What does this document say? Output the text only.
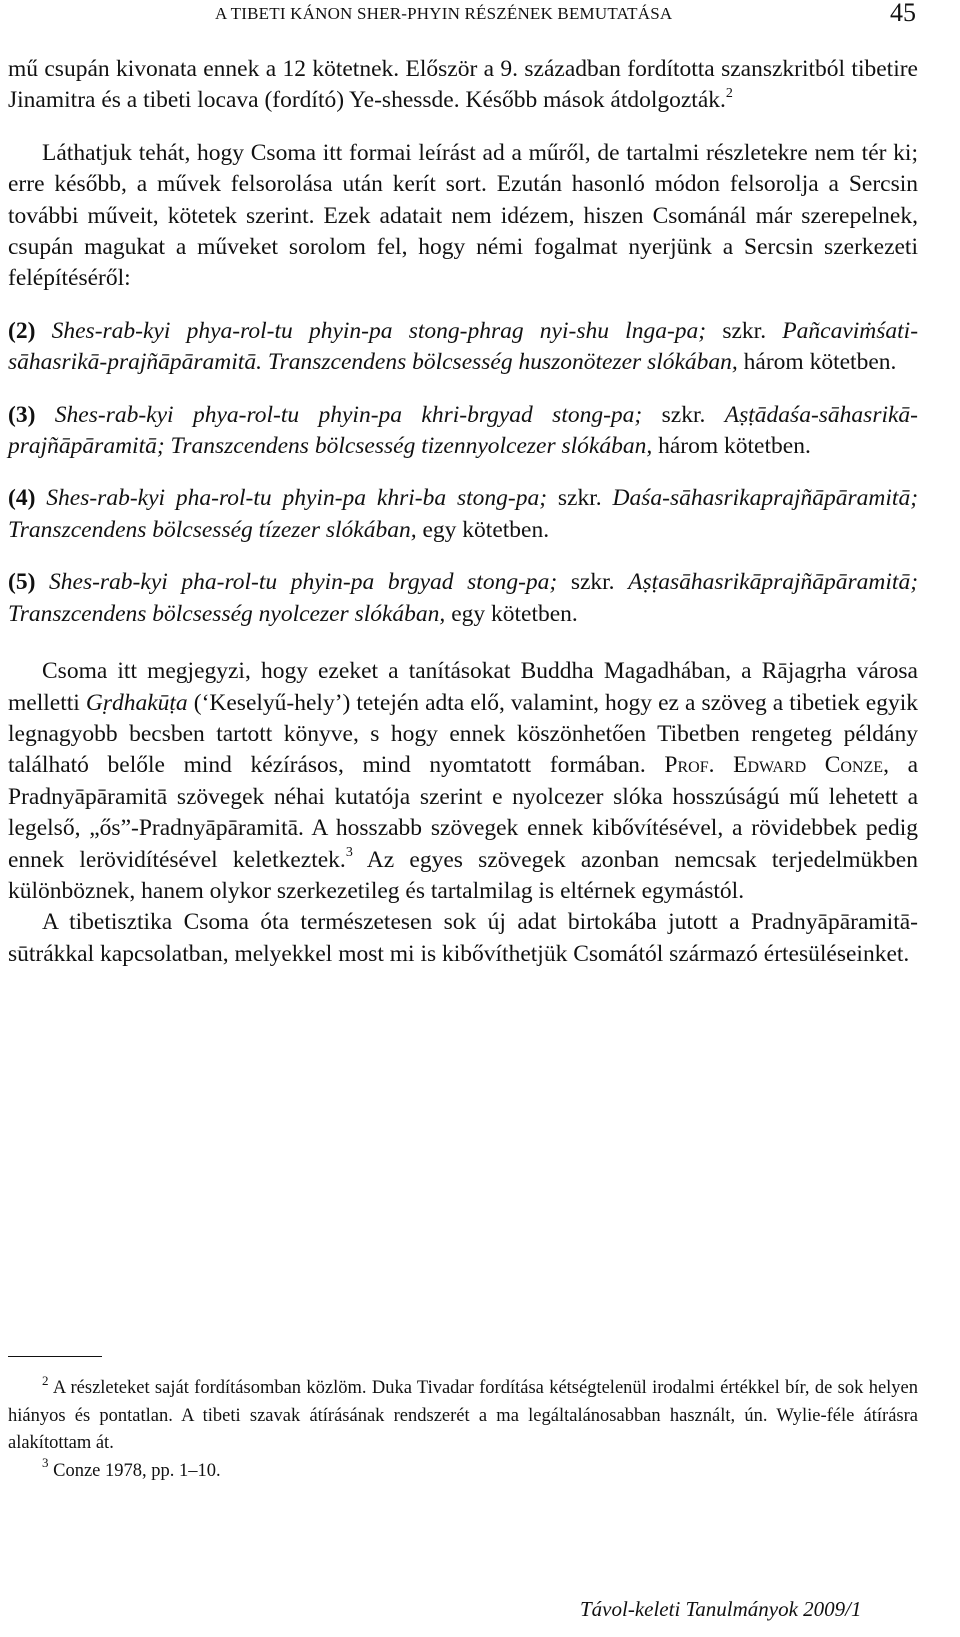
A TIBETI KÁNON SHER-PHYIN RÉSZÉNEK BEMUTATÁSA	45

mű csupán kivonata ennek a 12 kötetnek. Először a 9. században fordította szanszkritból tibetire Jinamitra és a tibeti locava (fordító) Ye-shessde. Később mások átdolgozták.$^2$

Láthatjuk tehát, hogy Csoma itt formai leírást ad a műről, de tartalmi részletekre nem tér ki; erre később, a művek felsorolása után kerít sort. Ezután hasonló módon felsorolja a Sercsin további műveit, kötetek szerint. Ezek adatait nem idézem, hiszen Csománál már szerepelnek, csupán magukat a műveket sorolom fel, hogy némi fogalmat nyerjünk a Sercsin szerkezeti felépítéséről:

(2) Shes-rab-kyi phya-rol-tu phyin-pa stong-phrag nyi-shu lnga-pa; szkr. Pañcaviṁśati-sāhasrikā-prajñāpāramitā. Transzcendens bölcsesség huszonötezer slókában, három kötetben.

(3) Shes-rab-kyi phya-rol-tu phyin-pa khri-brgyad stong-pa; szkr. Aṣṭādaśa-sāhasrikā-prajñāpāramitā; Transzcendens bölcsesség tizennyolcezer slókában, három kötetben.

(4) Shes-rab-kyi pha-rol-tu phyin-pa khri-ba stong-pa; szkr. Daśa-sāhasrikaprajñāpāramitā; Transzcendens bölcsesség tízezer slókában, egy kötetben.

(5) Shes-rab-kyi pha-rol-tu phyin-pa brgyad stong-pa; szkr. Aṣṭasāhasrikāprajñāpāramitā; Transzcendens bölcsesség nyolcezer slókában, egy kötetben.

Csoma itt megjegyzi, hogy ezeket a tanításokat Buddha Magadhában, a Rājagṛha városa melletti Gṛdhakūṭa (‘Keselyű-hely’) tetején adta elő, valamint, hogy ez a szöveg a tibetiek egyik legnagyobb becsben tartott könyve, s hogy ennek köszönhetően Tibetben rengeteg példány található belőle mind kézírásos, mind nyomtatott formában. Prof. Edward Conze, a Pradnyāpāramitā szövegek néhai kutatója szerint e nyolcezer slóka hosszúságú mű lehetett a legelső, „ős”-Pradnyāpāramitā. A hosszabb szövegek ennek kibővítésével, a rövidebbek pedig ennek lerövidítésével keletkeztek.$^3$ Az egyes szövegek azonban nemcsak terjedelmükben különböznek, hanem olykor szerkezetileg és tartalmilag is eltérnek egymástól.

A tibetisztika Csoma óta természetesen sok új adat birtokába jutott a Pradnyāpāramitā-sūtrákkal kapcsolatban, melyekkel most mi is kibővíthetjük Csomától származó értesüléseinket.

$^2$ A részleteket saját fordításomban közlöm. Duka Tivadar fordítása kétségtelenül irodalmi értékkel bír, de sok helyen hiányos és pontatlan. A tibeti szavak átírásának rendszerét a ma legáltalánosabban használt, ún. Wylie-féle átírásra alakítottam át.

$^3$ Conze 1978, pp. 1–10.

Távol-keleti Tanulmányok 2009/1
